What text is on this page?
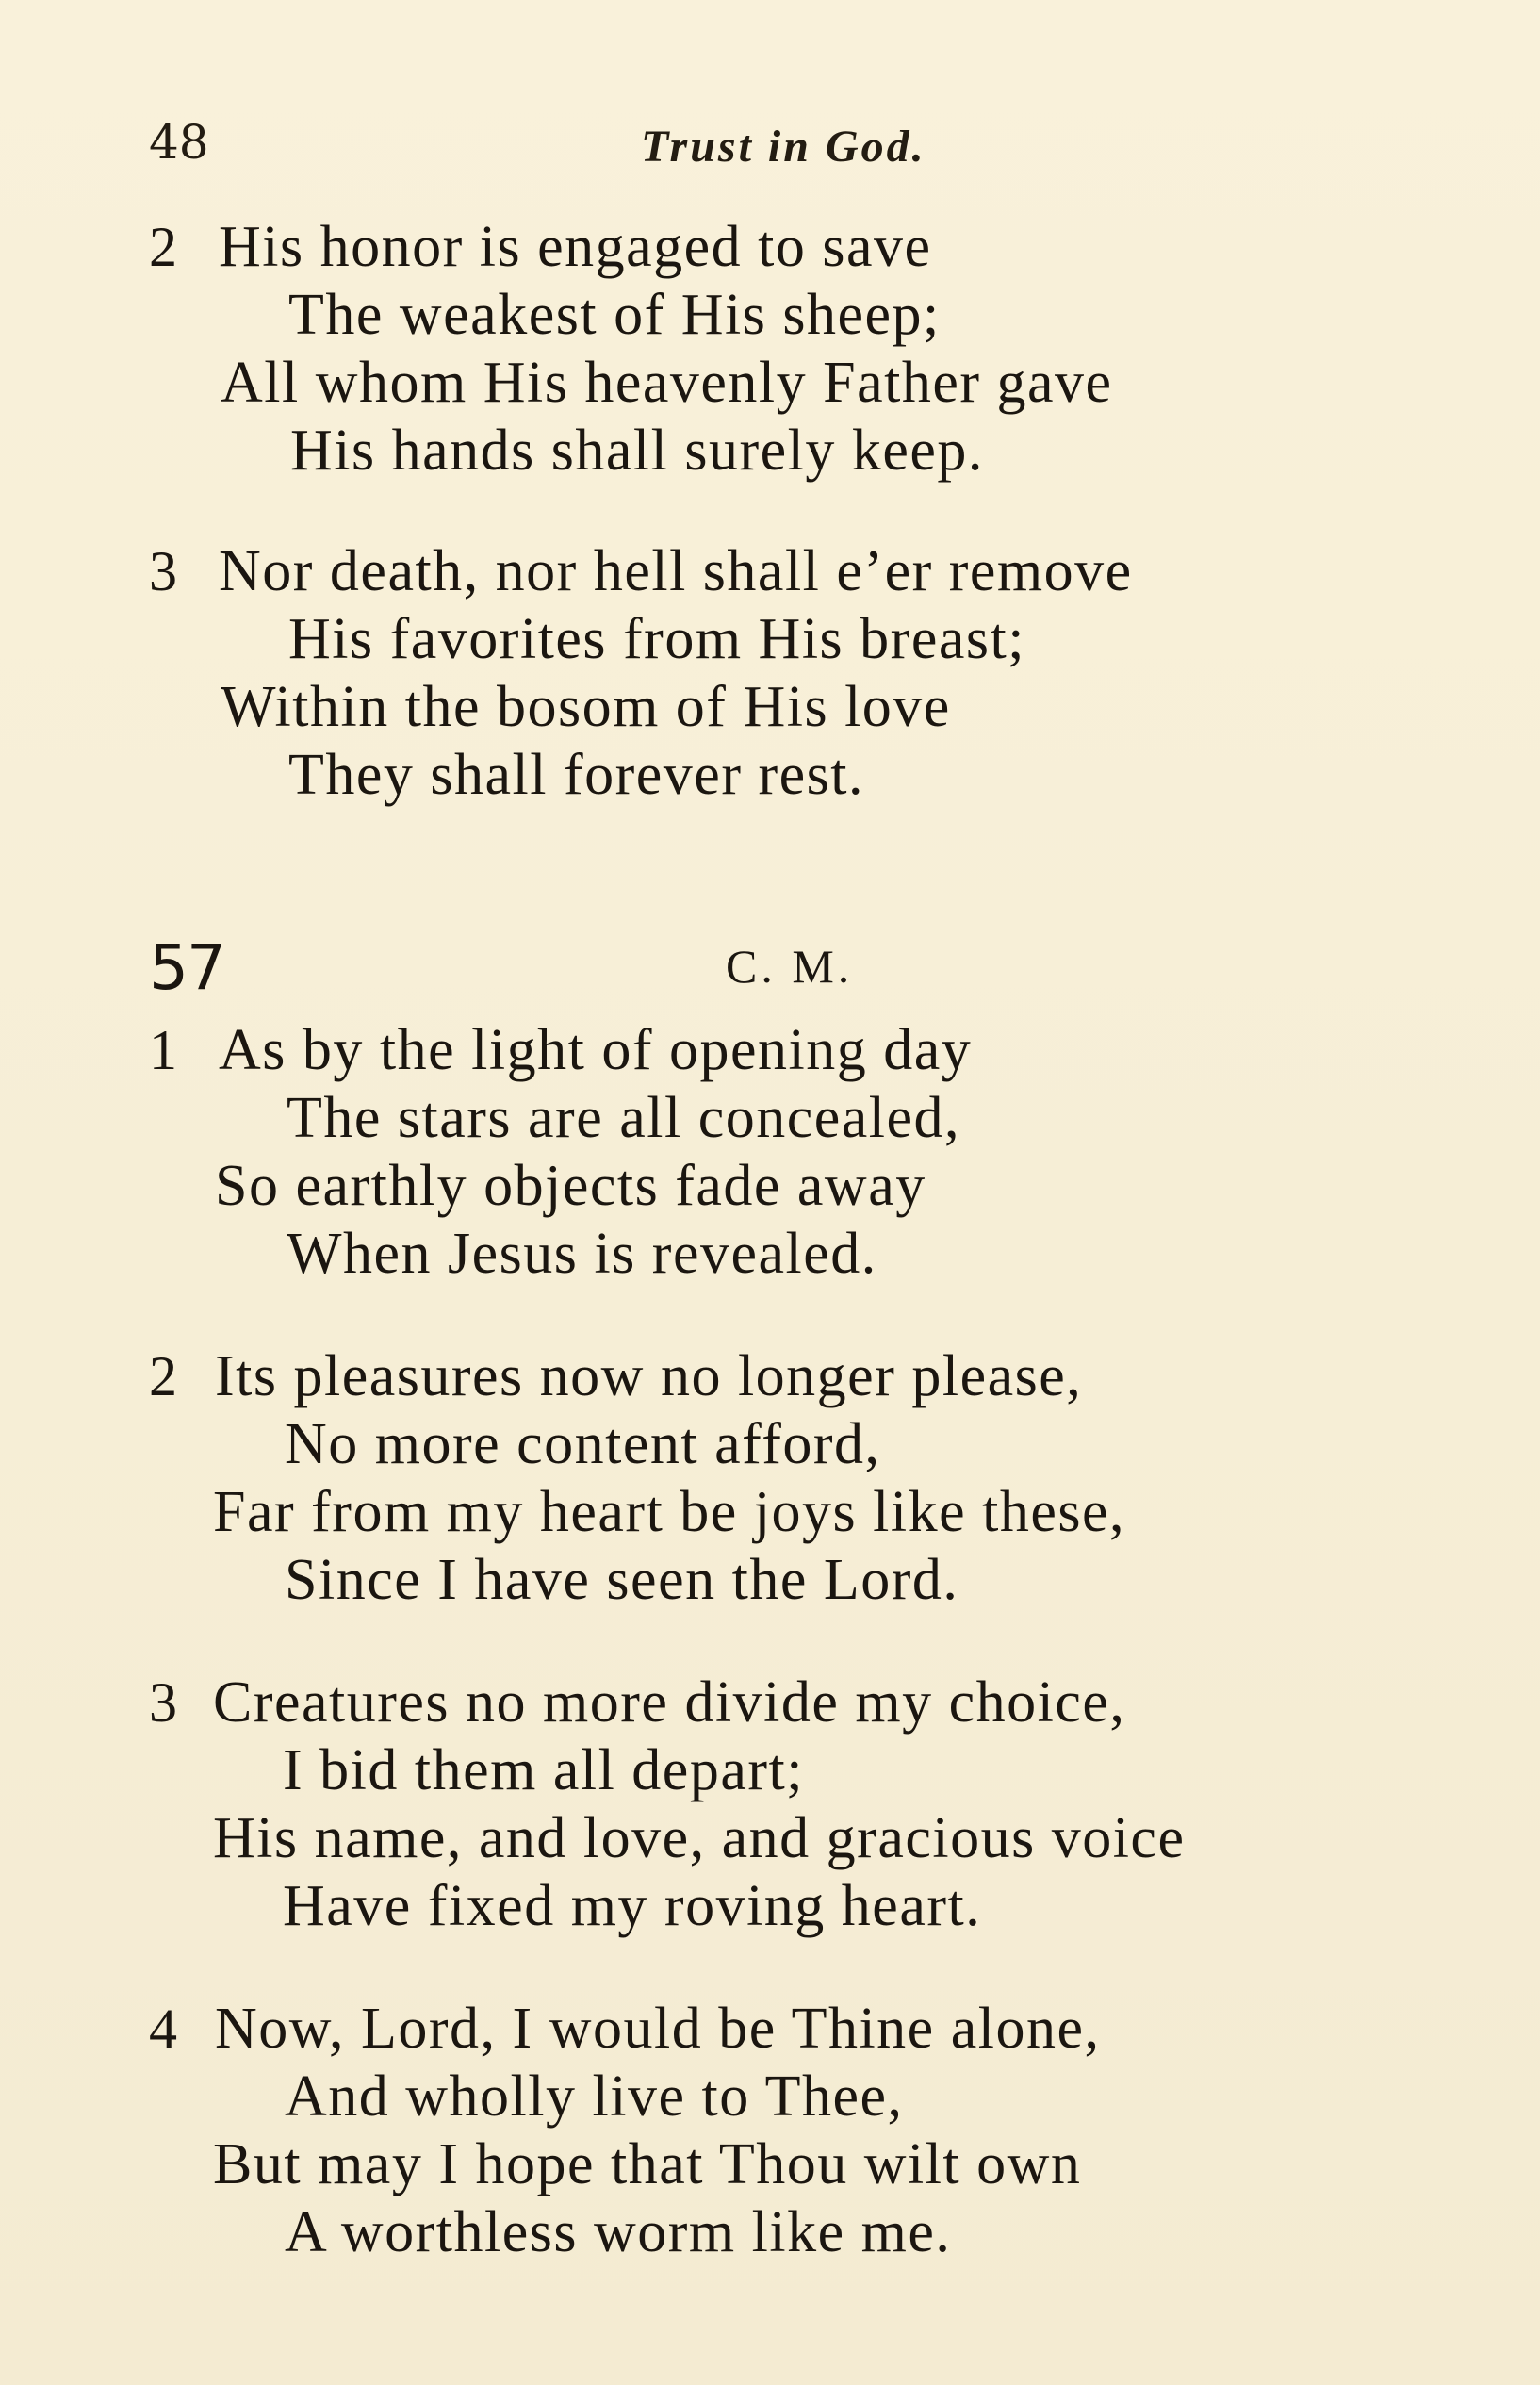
48	Trust in God.
2 His honor is engaged to save
The weakest of His sheep;
All whom His heavenly Father gave
His hands shall surely keep.
3 Nor death, nor hell shall e’er remove
His favorites from His breast;
Within the bosom of His love
They shall forever rest.
57	C. M.
1 As by the light of opening day
The stars are all concealed,
So earthly objects fade away
When Jesus is revealed.
2 Its pleasures now no longer please,
No more content afford,
Far from my heart be joys like these,
Since I have seen the Lord.
3 Creatures no more divide my choice,
I bid them all depart;
His name, and love, and gracious voice
Have fixed my roving heart.
4 Now, Lord, I would be Thine alone,
And wholly live to Thee,
But may I hope that Thou wilt own
A worthless worm like me.
